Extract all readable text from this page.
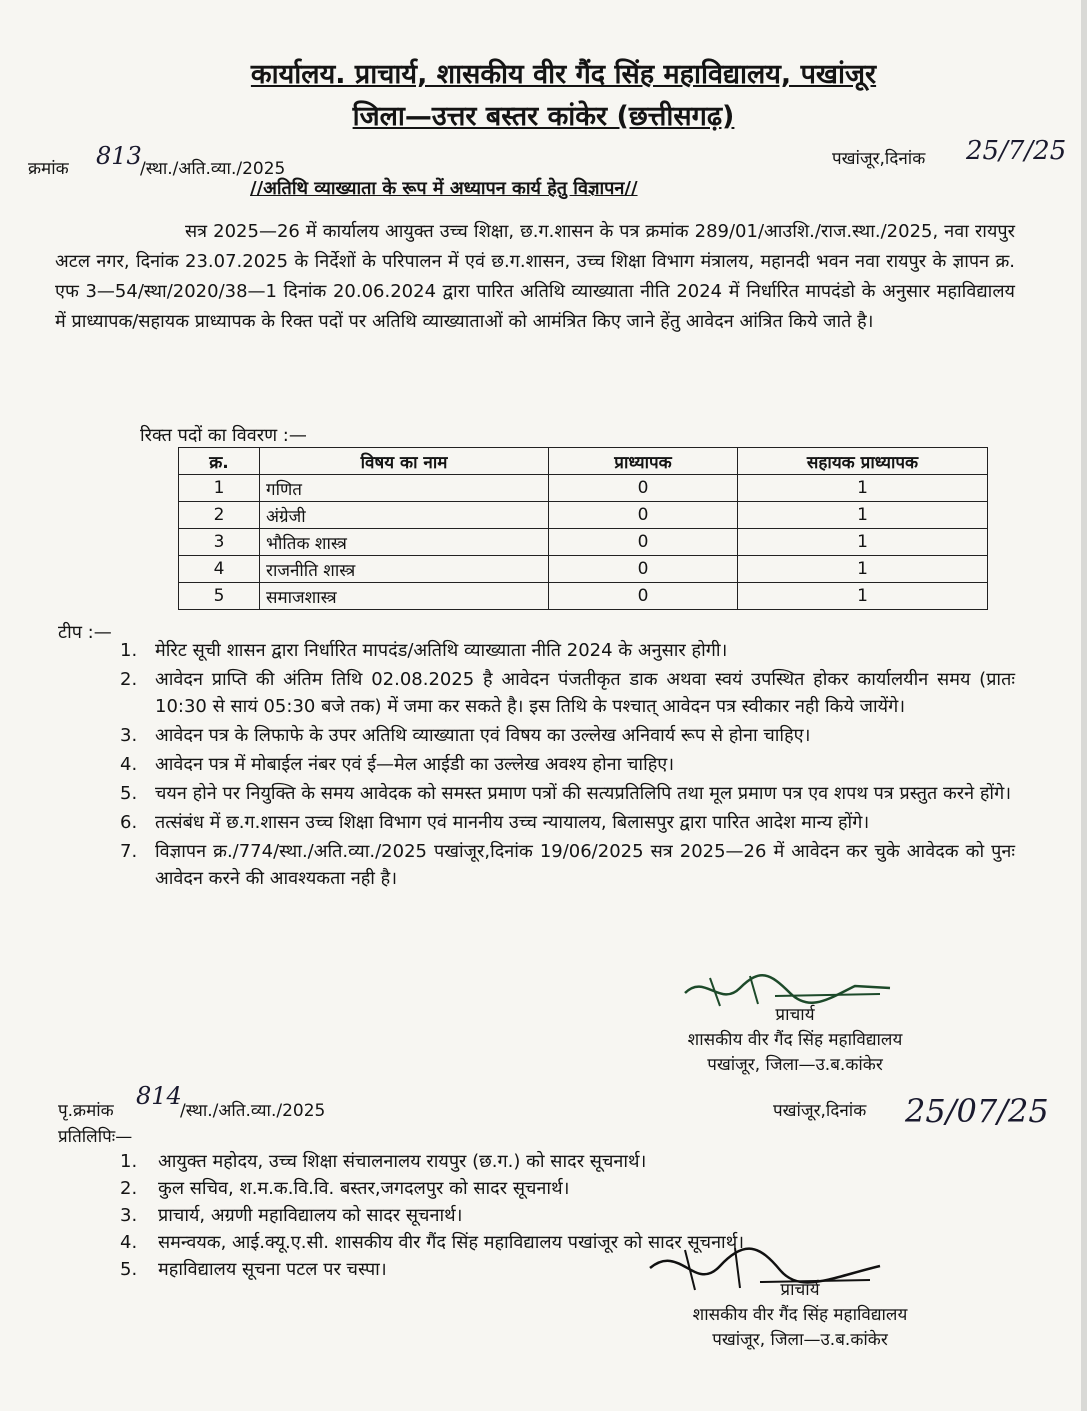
कार्यालय. प्राचार्य, शासकीय वीर गैंद सिंह महाविद्यालय, पखांजूर
जिला—उत्तर बस्तर कांकेर (छत्तीसगढ़)
क्रमांक 813
/स्था./अति.व्या./2025	पखांजूर,दिनांक 25/7/25
//अतिथि व्याख्याता के रूप में अध्यापन कार्य हेतु विज्ञापन//
सत्र 2025—26 में कार्यालय आयुक्त उच्च शिक्षा, छ.ग.शासन के पत्र क्रमांक 289/01/आउशि./राज.स्था./2025, नवा रायपुर अटल नगर, दिनांक 23.07.2025 के निर्देशों के परिपालन में एवं छ.ग.शासन, उच्च शिक्षा विभाग मंत्रालय, महानदी भवन नवा रायपुर के ज्ञापन क्र. एफ 3—54/स्था/2020/38—1 दिनांक 20.06.2024 द्वारा पारित अतिथि व्याख्याता नीति 2024 में निर्धारित मापदंडो के अनुसार महाविद्यालय में प्राध्यापक/सहायक प्राध्यापक के रिक्त पदों पर अतिथि व्याख्याताओं को आमंत्रित किए जाने हेंतु आवेदन आंत्रित किये जाते है।
रिक्त पदों का विवरण :—
क्र.	विषय का नाम	प्राध्यापक	सहायक प्राध्यापक
1	गणित	0	1
2	अंग्रेजी	0	1
3	भौतिक शास्त्र	0	1
4	राजनीति शास्त्र	0	1
5	समाजशास्त्र	0	1
टीप :—
1. मेरिट सूची शासन द्वारा निर्धारित मापदंड/अतिथि व्याख्याता नीति 2024 के अनुसार होगी।
2. आवेदन प्राप्ति की अंतिम तिथि 02.08.2025 है आवेदन पंजतीकृत डाक अथवा स्वयं उपस्थित होकर कार्यालयीन समय (प्रातः 10:30 से सायं 05:30 बजे तक) में जमा कर सकते है। इस तिथि के पश्चात् आवेदन पत्र स्वीकार नही किये जायेंगे।
3. आवेदन पत्र के लिफाफे के उपर अतिथि व्याख्याता एवं विषय का उल्लेख अनिवार्य रूप से होना चाहिए।
4. आवेदन पत्र में मोबाईल नंबर एवं ई—मेल आईडी का उल्लेख अवश्य होना चाहिए।
5. चयन होने पर नियुक्ति के समय आवेदक को समस्त प्रमाण पत्रों की सत्यप्रतिलिपि तथा मूल प्रमाण पत्र एव शपथ पत्र प्रस्तुत करने होंगे।
6. तत्संबंध में छ.ग.शासन उच्च शिक्षा विभाग एवं माननीय उच्च न्यायालय, बिलासपुर द्वारा पारित आदेश मान्य होंगे।
7. विज्ञापन क्र./774/स्था./अति.व्या./2025 पखांजूर,दिनांक 19/06/2025 सत्र 2025—26 में आवेदन कर चुके आवेदक को पुनः आवेदन करने की आवश्यकता नही है।
प्राचार्य
शासकीय वीर गैंद सिंह महाविद्यालय
पखांजूर, जिला—उ.ब.कांकेर
पृ.क्रमांक
814
/स्था./अति.व्या./2025	पखांजूर,दिनांक 25/07/25
प्रतिलिपिः—
1.	आयुक्त महोदय, उच्च शिक्षा संचालनालय रायपुर (छ.ग.) को सादर सूचनार्थ।
2.	कुल सचिव, श.म.क.वि.वि. बस्तर,जगदलपुर को सादर सूचनार्थ।
3.	प्राचार्य, अग्रणी महाविद्यालय को सादर सूचनार्थ।
4.	समन्वयक, आई.क्यू.ए.सी. शासकीय वीर गैंद सिंह महाविद्यालय पखांजूर को सादर सूचनार्थ।
5.	महाविद्यालय सूचना पटल पर चस्पा।
प्राचार्य
शासकीय वीर गैंद सिंह महाविद्यालय
पखांजूर, जिला—उ.ब.कांकेर
